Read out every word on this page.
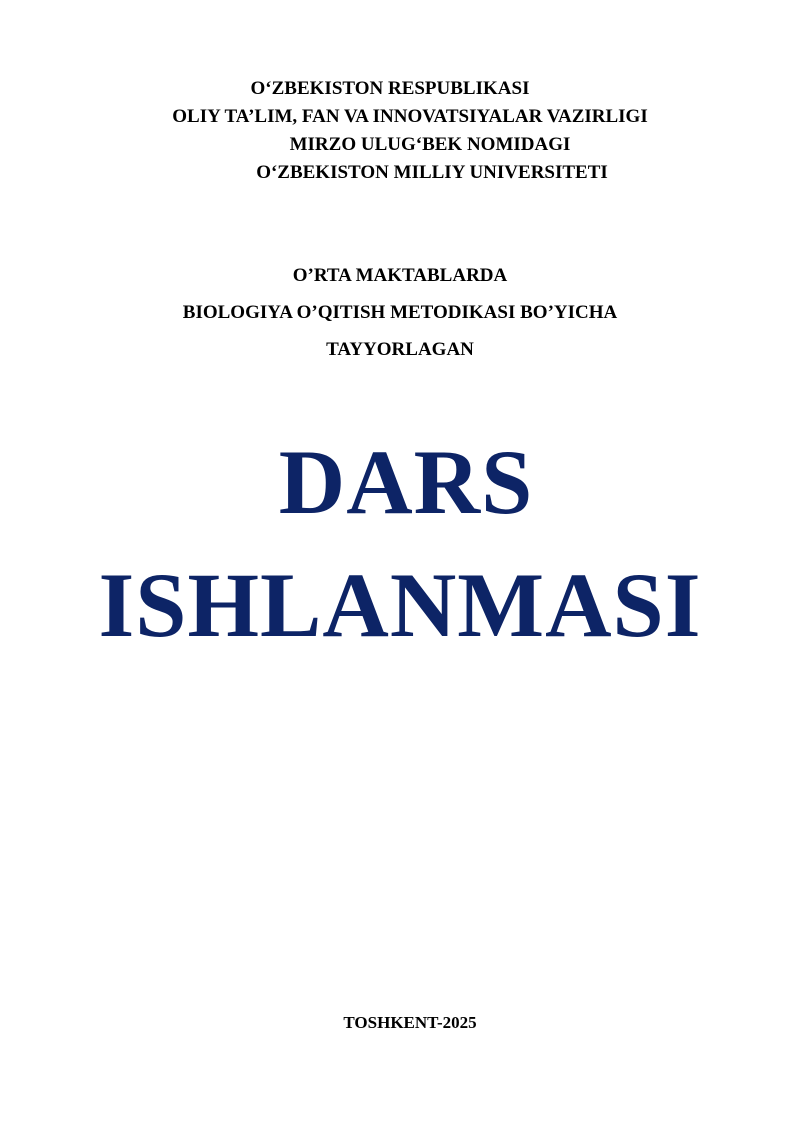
O‘ZBEKISTON RESPUBLIKASI
OLIY TA’LIM, FAN VA INNOVATSIYALAR VAZIRLIGI
MIRZO ULUG‘BEK NOMIDAGI
O‘ZBEKISTON MILLIY UNIVERSITETI
O’RTA MAKTABLARDA
BIOLOGIYA O’QITISH METODIKASI BO’YICHA
TAYYORLAGAN
DARS
ISHLANMASI
TOSHKENT-2025
